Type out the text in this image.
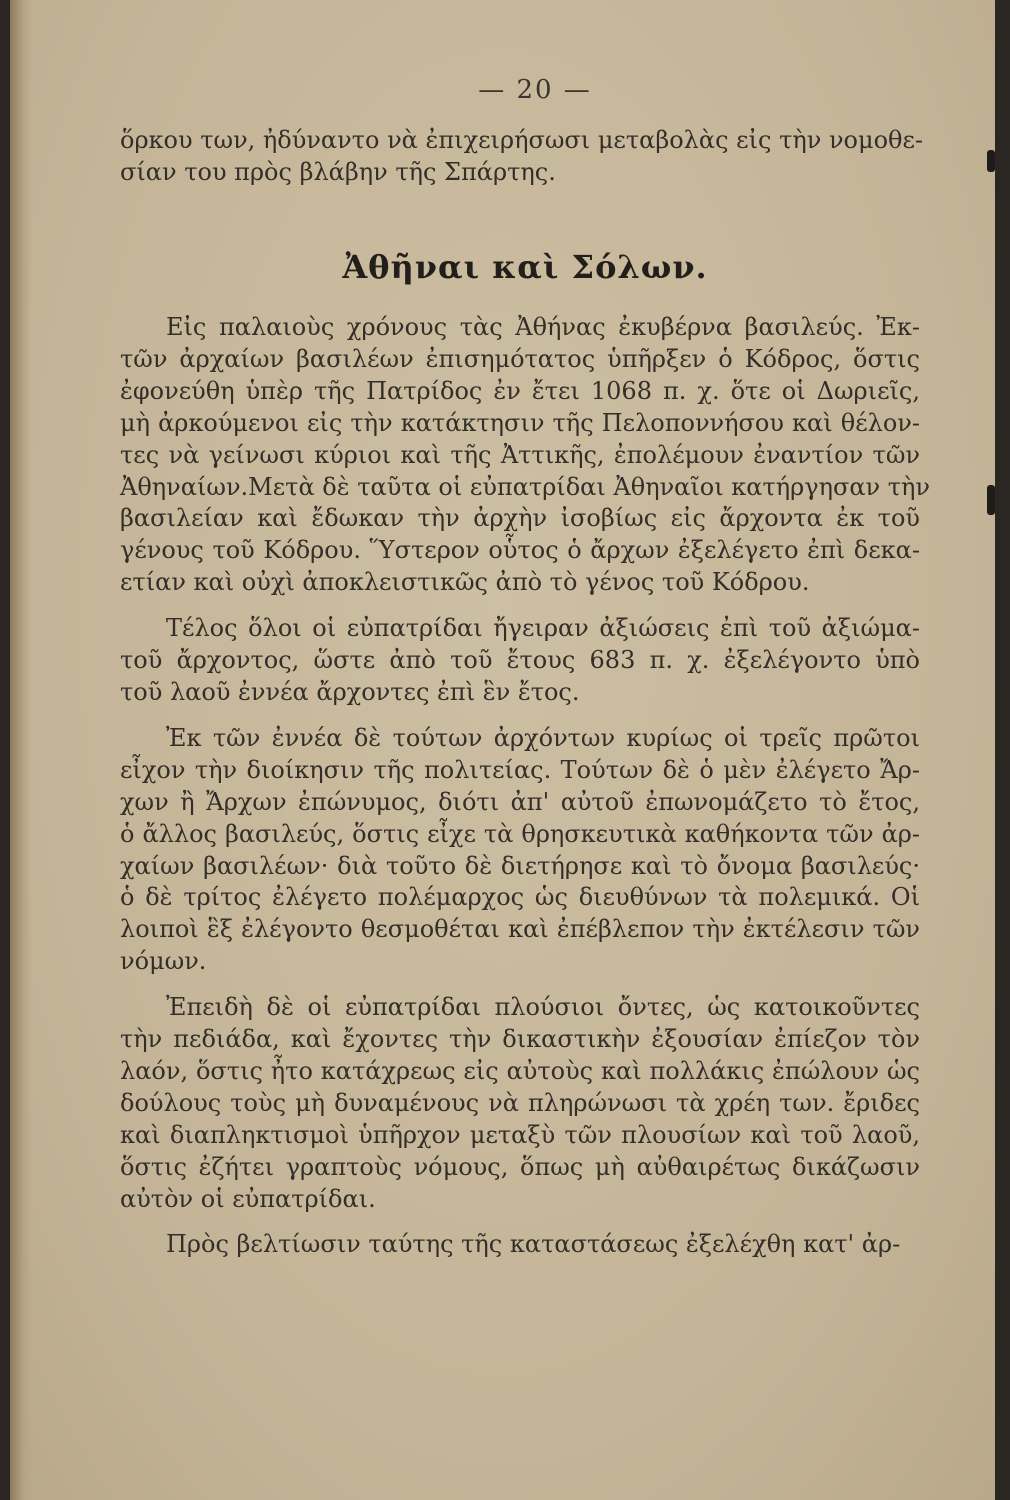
— 20 —
ὅρκου των, ἠδύναντο νὰ ἐπιχειρήσωσι μεταβολὰς εἰς τὴν νομοθε-
σίαν του πρὸς βλάβην τῆς Σπάρτης.
Ἀθῆναι καὶ Σόλων.
Εἰς παλαιοὺς χρόνους τὰς Ἀθήνας ἐκυβέρνα βασιλεύς. Ἐκ-
τῶν ἀρχαίων βασιλέων ἐπισημότατος ὑπῆρξεν ὁ Κόδρος, ὅστις
ἐφονεύθη ὑπὲρ τῆς Πατρίδος ἐν ἔτει 1068 π. χ. ὅτε οἱ Δωριεῖς,
μὴ ἀρκούμενοι εἰς τὴν κατάκτησιν τῆς Πελοποννήσου καὶ θέλον-
τες νὰ γείνωσι κύριοι καὶ τῆς Ἀττικῆς, ἐπολέμουν ἐναντίον τῶν
Ἀθηναίων.Μετὰ δὲ ταῦτα οἱ εὐπατρίδαι Ἀθηναῖοι κατήργησαν τὴν
βασιλείαν καὶ ἔδωκαν τὴν ἀρχὴν ἰσοβίως εἰς ἄρχοντα ἐκ τοῦ
γένους τοῦ Κόδρου. Ὕστερον οὗτος ὁ ἄρχων ἐξελέγετο ἐπὶ δεκα-
ετίαν καὶ οὐχὶ ἀποκλειστικῶς ἀπὸ τὸ γένος τοῦ Κόδρου.
Τέλος ὅλοι οἱ εὐπατρίδαι ἤγειραν ἀξιώσεις ἐπὶ τοῦ ἀξιώμα-
τοῦ ἄρχοντος, ὥστε ἀπὸ τοῦ ἔτους 683 π. χ. ἐξελέγοντο ὑπὸ
τοῦ λαοῦ ἐννέα ἄρχοντες ἐπὶ ἓν ἔτος.
Ἐκ τῶν ἐννέα δὲ τούτων ἀρχόντων κυρίως οἱ τρεῖς πρῶτοι
εἶχον τὴν διοίκησιν τῆς πολιτείας. Τούτων δὲ ὁ μὲν ἐλέγετο Ἄρ-
χων ἢ Ἄρχων ἐπώνυμος, διότι ἀπ' αὐτοῦ ἐπωνομάζετο τὸ ἔτος,
ὁ ἄλλος βασιλεύς, ὅστις εἶχε τὰ θρησκευτικὰ καθήκοντα τῶν ἀρ-
χαίων βασιλέων· διὰ τοῦτο δὲ διετήρησε καὶ τὸ ὄνομα βασιλεύς·
ὁ δὲ τρίτος ἐλέγετο πολέμαρχος ὡς διευθύνων τὰ πολεμικά. Οἱ
λοιποὶ ἓξ ἐλέγοντο θεσμοθέται καὶ ἐπέβλεπον τὴν ἐκτέλεσιν τῶν
νόμων.
Ἐπειδὴ δὲ οἱ εὐπατρίδαι πλούσιοι ὄντες, ὡς κατοικοῦντες
τὴν πεδιάδα, καὶ ἔχοντες τὴν δικαστικὴν ἐξουσίαν ἐπίεζον τὸν
λαόν, ὅστις ἦτο κατάχρεως εἰς αὐτοὺς καὶ πολλάκις ἐπώλουν ὡς
δούλους τοὺς μὴ δυναμένους νὰ πληρώνωσι τὰ χρέη των. ἔριδες
καὶ διαπληκτισμοὶ ὑπῆρχον μεταξὺ τῶν πλουσίων καὶ τοῦ λαοῦ,
ὅστις ἐζήτει γραπτοὺς νόμους, ὅπως μὴ αὐθαιρέτως δικάζωσιν
αὐτὸν οἱ εὐπατρίδαι.
Πρὸς βελτίωσιν ταύτης τῆς καταστάσεως ἐξελέχθη κατ' ἀρ-
